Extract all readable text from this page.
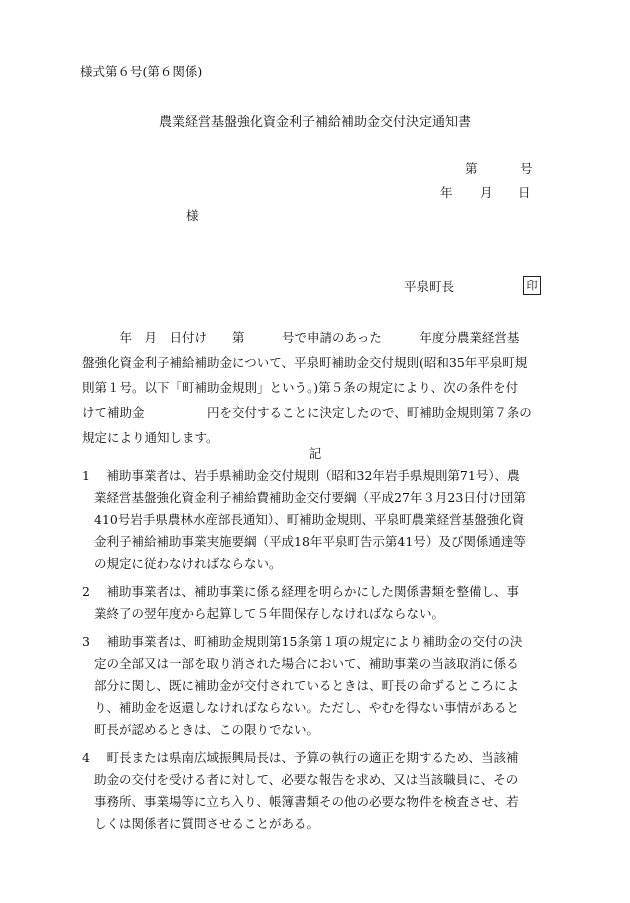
様式第６号(第６関係)
農業経営基盤強化資金利子補給補助金交付決定通知書
第	号
年 月 日
様
平泉町長	印
　　　年　月　日付け　　第　　　号で申請のあった　　　年度分農業経営基
盤強化資金利子補給補助金について、平泉町補助金交付規則(昭和35年平泉町規
則第１号。以下「町補助金規則」という。)第５条の規定により、次の条件を付
けて補助金　　　　　円を交付することに決定したので、町補助金規則第７条の
規定により通知します。
記
1 　補助事業者は、岩手県補助金交付規則（昭和32年岩手県規則第71号）、農
業経営基盤強化資金利子補給費補助金交付要綱（平成27年３月23日付け団第
410号岩手県農林水産部長通知）、町補助金規則、平泉町農業経営基盤強化資
金利子補給補助事業実施要綱（平成18年平泉町告示第41号）及び関係通達等
の規定に従わなければならない。
2 　補助事業者は、補助事業に係る経理を明らかにした関係書類を整備し、事
業終了の翌年度から起算して５年間保存しなければならない。
3 　補助事業者は、町補助金規則第15条第１項の規定により補助金の交付の決
定の全部又は一部を取り消された場合において、補助事業の当該取消に係る
部分に関し、既に補助金が交付されているときは、町長の命ずるところによ
り、補助金を返還しなければならない。ただし、やむを得ない事情があると
町長が認めるときは、この限りでない。
4 　町長または県南広域振興局長は、予算の執行の適正を期するため、当該補
助金の交付を受ける者に対して、必要な報告を求め、又は当該職員に、その
事務所、事業場等に立ち入り、帳簿書類その他の必要な物件を検査させ、若
しくは関係者に質問させることがある。
